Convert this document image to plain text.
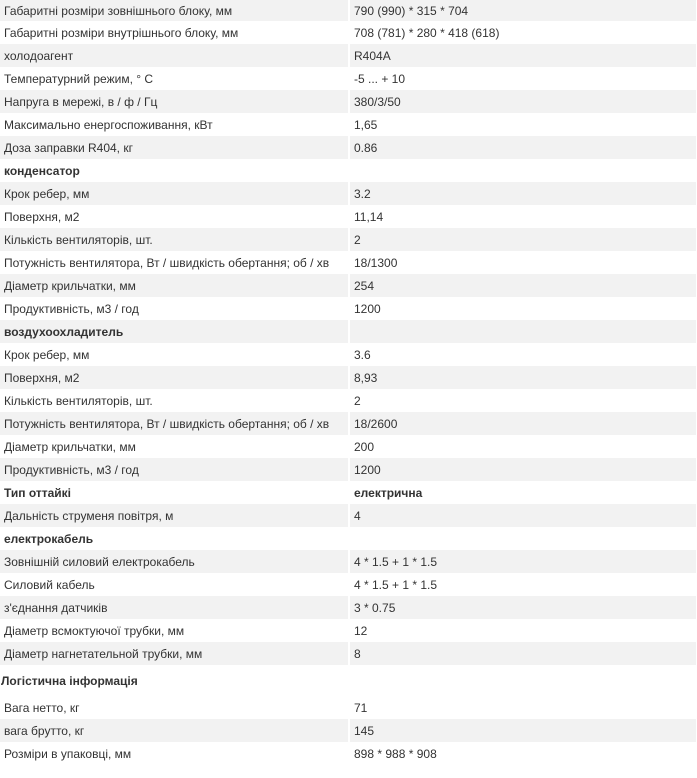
Габаритні розміри зовнішнього блоку, мм	790 (990) * 315 * 704
Габаритні розміри внутрішнього блоку, мм	708 (781) * 280 * 418 (618)
холодоагент	R404A
Температурний режим, ° С	-5 ... + 10
Напруга в мережі, в / ф / Гц	380/3/50
Максимально енергоспоживання, кВт	1,65
Доза заправки R404, кг	0.86
конденсатор	
Крок ребер, мм	3.2
Поверхня, м2	11,14
Кількість вентиляторів, шт.	2
Потужність вентилятора, Вт / швидкість обертання; об / хв	18/1300
Діаметр крильчатки, мм	254
Продуктивність, м3 / год	1200
воздухоохладитель	
Крок ребер, мм	3.6
Поверхня, м2	8,93
Кількість вентиляторів, шт.	2
Потужність вентилятора, Вт / швидкість обертання; об / хв	18/2600
Діаметр крильчатки, мм	200
Продуктивність, м3 / год	1200
Тип оттайкі	електрична
Дальність струменя повітря, м	4
електрокабель	
Зовнішній силовий електрокабель	4 * 1.5 + 1 * 1.5
Силовий кабель	4 * 1.5 + 1 * 1.5
з'єднання датчиків	3 * 0.75
Діаметр всмоктуючої трубки, мм	12
Діаметр нагнетательной трубки, мм	8
Логістична інформація
Вага нетто, кг	71
вага брутто, кг	145
Розміри в упаковці, мм	898 * 988 * 908
